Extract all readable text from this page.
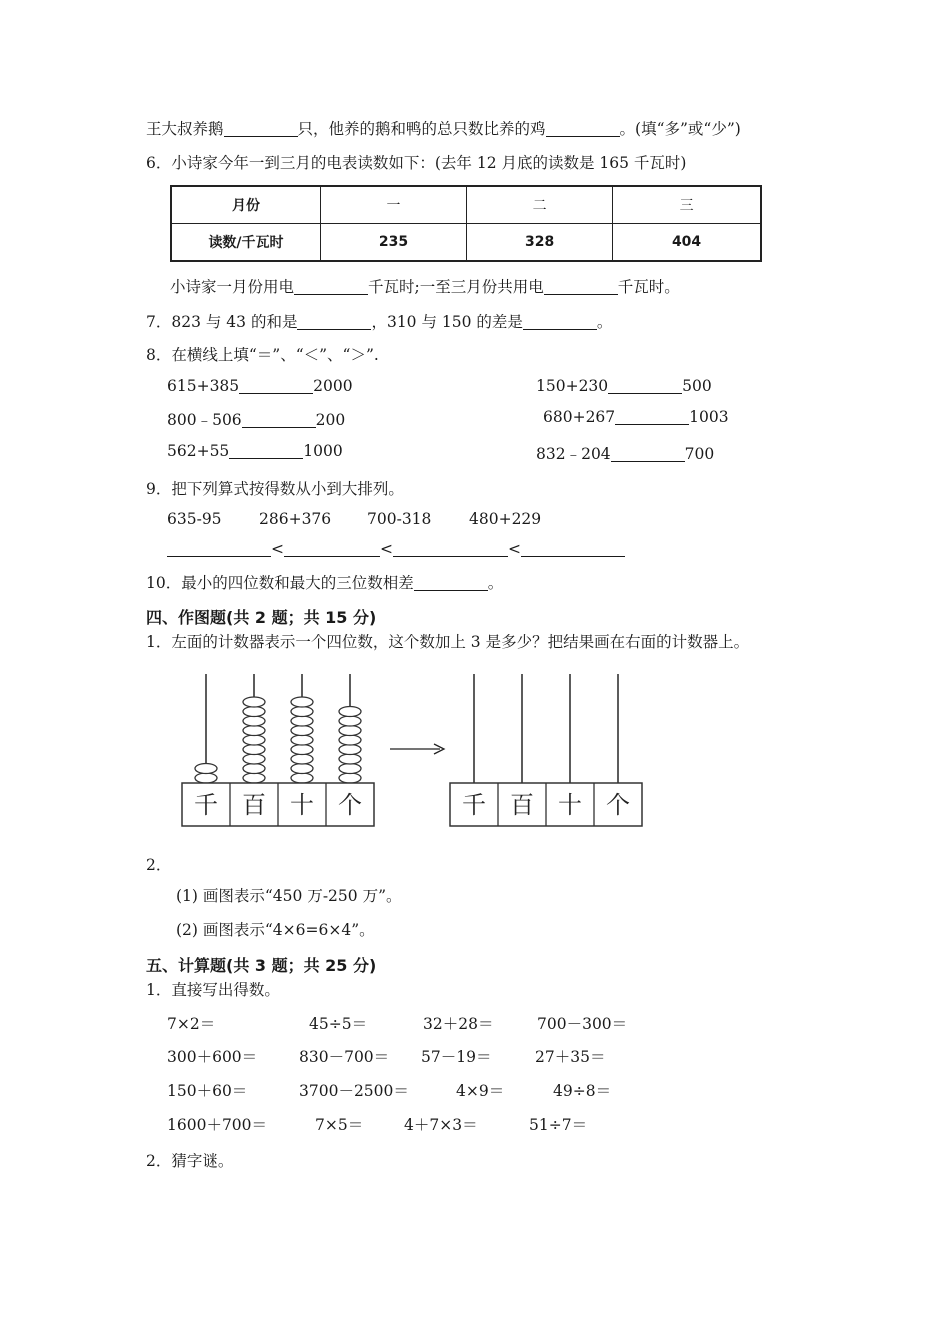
王大叔养鹅	只，他养的鹅和鸭的总只数比养的鸡	。(填“多”或“少”)
6．小诗家今年一到三月的电表读数如下：(去年 12 月底的读数是 165 千瓦时)
月份	一	二	三
读数/千瓦时	235	328	404
小诗家一月份用电	千瓦时;一至三月份共用电	千瓦时。
7．823 与 43 的和是	，310 与 150 的差是	。
8．在横线上填“＝”、“＜”、“＞”.
615+385	2000	150+230	500
800﹣506	200	680+267	1003
562+55	1000	832﹣204	700
9．把下列算式按得数从小到大排列。
635-95 286+376 700-318 480+229
<	<	<
10．最小的四位数和最大的三位数相差	。
四、作图题(共 2 题；共 15 分)
1．左面的计数器表示一个四位数，这个数加上 3 是多少？把结果画在右面的计数器上。
千 百 十 个	千 百 十 个
2．
(1) 画图表示“450 万-250 万”。
(2) 画图表示“4×6=6×4”。
五、计算题(共 3 题；共 25 分)
1．直接写出得数。
7×2＝	45÷5＝	32＋28＝	700－300＝
300＋600＝	830－700＝ 57－19＝	27＋35＝
150＋60＝	3700－2500＝	4×9＝	49÷8＝
1600＋700＝	7×5＝	4＋7×3＝	51÷7＝
2．猜字谜。
